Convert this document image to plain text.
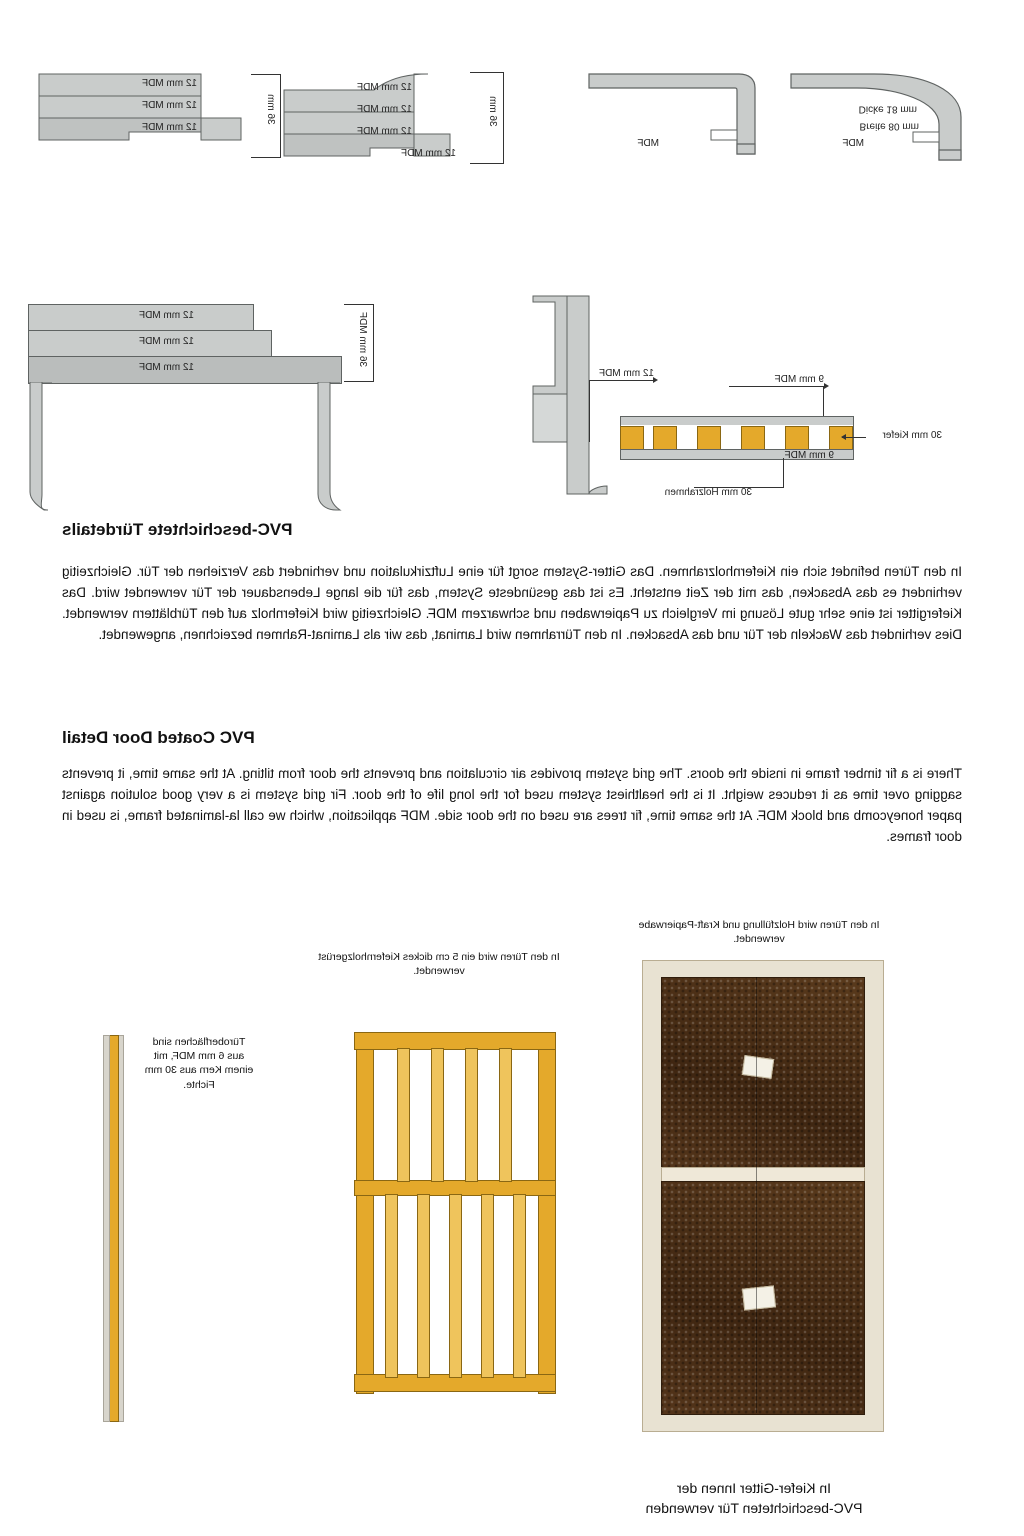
MDF
Dicke 18 mm
Breite 80 mm
MDF
36 mm
12 mm MDF
12 mm MDF
12 mm MDF
12 mm MDF
36 mm
12 mm MDF
12 mm MDF
12 mm MDF
9 mm MDF
9 mm MDF
30 mm Holzrahmen
30 mm Kiefer
12 mm MDF
36 mm MDF
12 mm MDF
12 mm MDF
12 mm MDF
PVC-beschichtete Türdetails

In den Türen befindet sich ein Kiefernholzrahmen. Das Gitter-System sorgt für eine Luftzirkulation und verhindert das Verziehen der Tür. Gleichzeitig verhindert es das Absacken, das mit der Zeit entsteht. Es ist das gesündeste System, das für die lange Lebensdauer der Tür verwendet wird. Das Kiefergitter ist eine sehr gute Lösung im Vergleich zu Papierwaben und schwarzem MDF. Gleichzeitig wird Kiefernholz auf den Türblättern verwendet. Dies verhindert das Wackeln der Tür und das Absacken. In den Türrahmen wird Laminat, das wir als Laminat-Rahmen bezeichnen, angewendet.

PVC Coated Door Detail

There is a fir timber frame in inside the doors. The grid system provides air circulation and prevents the door from tilting. At the same time, it prevents sagging over time as it reduces weight. It is the healthiest system used for the long life of the door. Fir grid system is a very good solution against paper honeycomb and block MDF. At the same time, fir trees are used on the door side. MDF application, which we call la-laminated frame, is used in door frames.

In den Türen wird Holzfüllung und Kraft-Papierwabe verwendet.
In Kiefer-Gitter Innen der
PVC-beschichteten Tür verwenden
In den Türen wird ein 5 cm dickes Kiefernholzgerüst verwendet.
Türoberflächen sind aus 6 mm MDF, mit einem Kern aus 30 mm Fichte.
